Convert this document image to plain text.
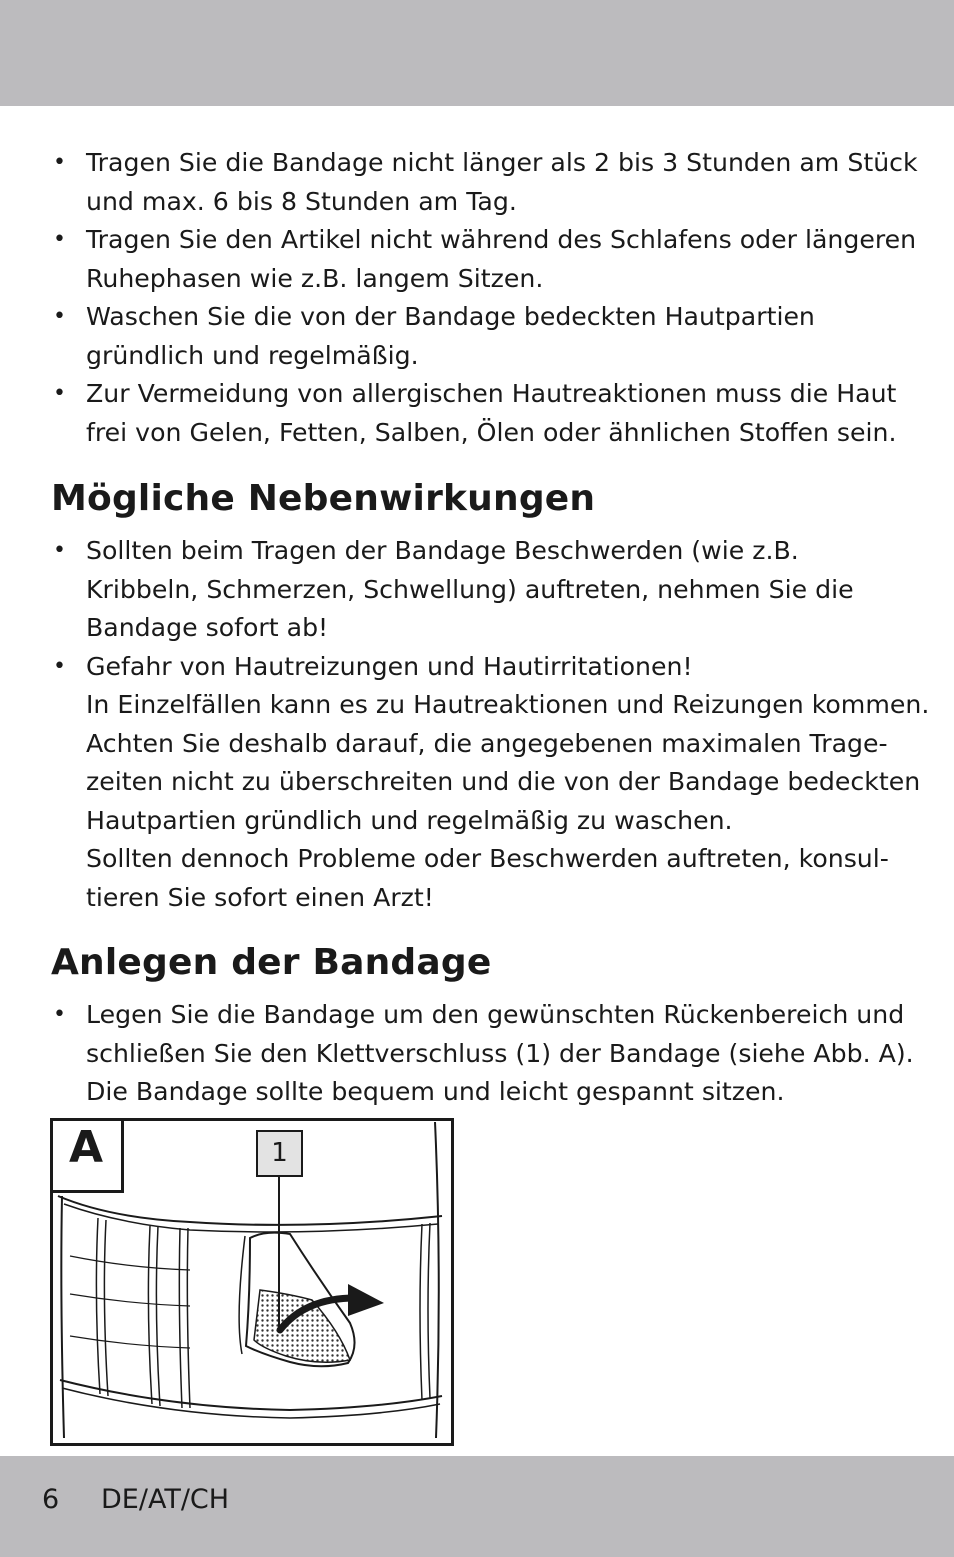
• Tragen Sie die Bandage nicht länger als 2 bis 3 Stunden am Stück
und max. 6 bis 8 Stunden am Tag.
• Tragen Sie den Artikel nicht während des Schlafens oder längeren
Ruhephasen wie z.B. langem Sitzen.
• Waschen Sie die von der Bandage bedeckten Hautpartien
gründlich und regelmäßig.
• Zur Vermeidung von allergischen Hautreaktionen muss die Haut
frei von Gelen, Fetten, Salben, Ölen oder ähnlichen Stoffen sein.
Mögliche Nebenwirkungen
• Sollten beim Tragen der Bandage Beschwerden (wie z.B.
Kribbeln, Schmerzen, Schwellung) auftreten, nehmen Sie die
Bandage sofort ab!
• Gefahr von Hautreizungen und Hautirritationen!
In Einzelfällen kann es zu Hautreaktionen und Reizungen kommen.
Achten Sie deshalb darauf, die angegebenen maximalen Trage-
zeiten nicht zu überschreiten und die von der Bandage bedeckten
Hautpartien gründlich und regelmäßig zu waschen.
Sollten dennoch Probleme oder Beschwerden auftreten, konsul-
tieren Sie sofort einen Arzt!
Anlegen der Bandage
• Legen Sie die Bandage um den gewünschten Rückenbereich und
schließen Sie den Klettverschluss (1) der Bandage (siehe Abb. A).
Die Bandage sollte bequem und leicht gespannt sitzen.
A	1
6 DE/AT/CH
